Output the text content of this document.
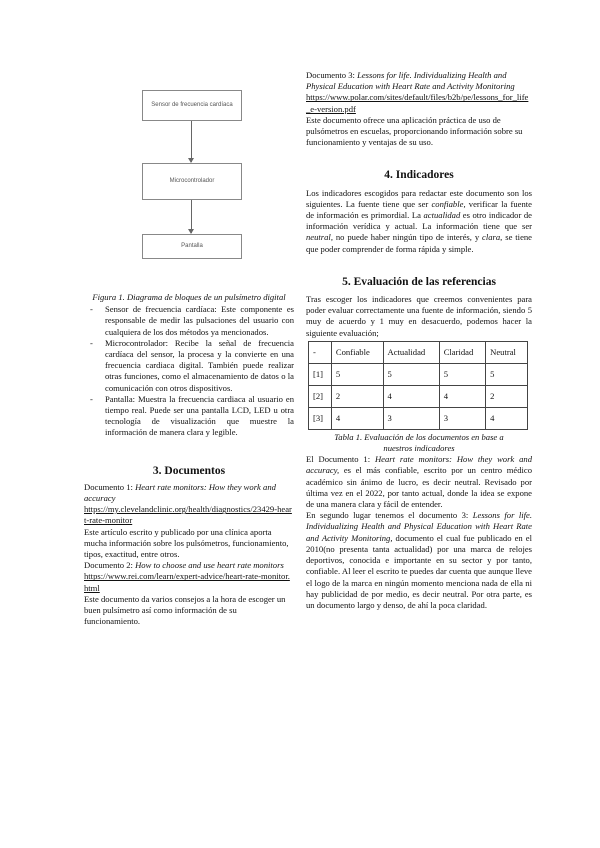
Sensor de frecuencia cardíaca
Microcontrolador
Pantalla
Figura 1. Diagrama de bloques de un pulsímetro digital
- Sensor de frecuencia cardíaca: Este componente es responsable de medir las pulsaciones del usuario con cualquiera de los dos métodos ya mencionados.
- Microcontrolador: Recibe la señal de frecuencia cardíaca del sensor, la procesa y la convierte en una frecuencia cardiaca digital. También puede realizar otras funciones, como el almacenamiento de datos o la comunicación con otros dispositivos.
- Pantalla: Muestra la frecuencia cardiaca al usuario en tiempo real. Puede ser una pantalla LCD, LED u otra tecnología de visualización que muestre la información de manera clara y legible.
3. Documentos
Documento 1: Heart rate monitors: How they work and accuracy
https://my.clevelandclinic.org/health/diagnostics/23429-heart-rate-monitor
Este artículo escrito y publicado por una clínica aporta mucha información sobre los pulsómetros, funcionamiento, tipos, exactitud, entre otros.
Documento 2: How to choose and use heart rate monitors
https://www.rei.com/learn/expert-advice/heart-rate-monitor.html
Este documento da varios consejos a la hora de escoger un buen pulsímetro así como información de su funcionamiento.
Documento 3: Lessons for life. Individualizing Health and Physical Education with Heart Rate and Activity Monitoring
https://www.polar.com/sites/default/files/b2b/pe/lessons_for_life_e-version.pdf
Este documento ofrece una aplicación práctica de uso de pulsómetros en escuelas, proporcionando información sobre su funcionamiento y ventajas de su uso.
4. Indicadores
Los indicadores escogidos para redactar este documento son los siguientes. La fuente tiene que ser confiable, verificar la fuente de información es primordial. La actualidad es otro indicador de información verídica y actual. La información tiene que ser neutral, no puede haber ningún tipo de interés, y clara, se tiene que poder comprender de forma rápida y simple.
5. Evaluación de las referencias
Tras escoger los indicadores que creemos convenientes para poder evaluar correctamente una fuente de información, siendo 5 muy de acuerdo y 1 muy en desacuerdo, podemos hacer la siguiente evaluación;
-	Confiable	Actualidad	Claridad	Neutral
[1]	5	5	5	5
[2]	2	4	4	2
[3]	4	3	3	4
Tabla 1. Evaluación de los documentos en base a nuestros indicadores
El Documento 1: Heart rate monitors: How they work and accuracy, es el más confiable, escrito por un centro médico académico sin ánimo de lucro, es decir neutral. Revisado por última vez en el 2022, por tanto actual, donde la idea se expone de una manera clara y fácil de entender.
En segundo lugar tenemos el documento 3: Lessons for life. Individualizing Health and Physical Education with Heart Rate and Activity Monitoring, documento el cual fue publicado en el 2010(no presenta tanta actualidad) por una marca de relojes deportivos, conocida e importante en su sector y por tanto, confiable. Al leer el escrito te puedes dar cuenta que aunque lleve el logo de la marca en ningún momento menciona nada de ella ni hay publicidad de por medio, es decir neutral. Por otra parte, es un documento largo y denso, de ahí la poca claridad.
